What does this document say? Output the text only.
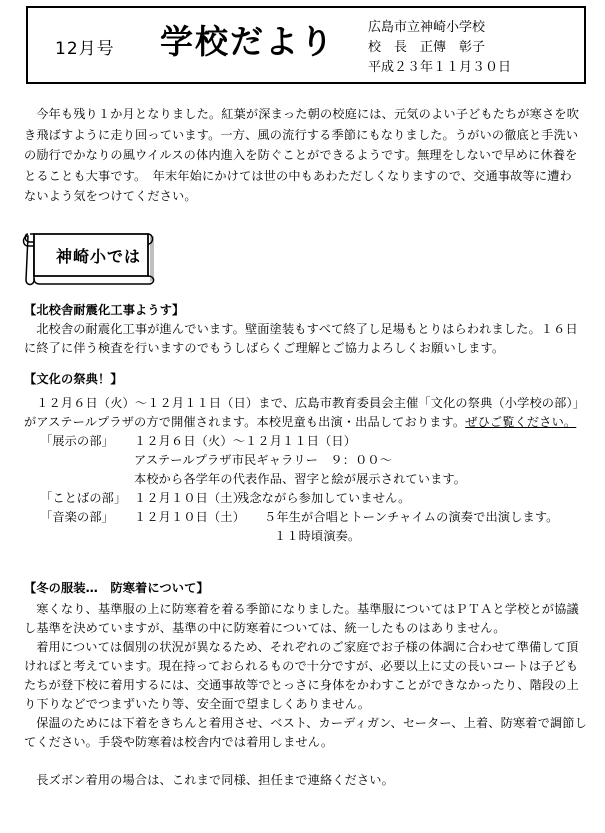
12月号 学校だより	広島市立神崎小学校
校　長　正傳　彰子
平成２３年１１月３０日
今年も残り１か月となりました。紅葉が深まった朝の校庭には、元気のよい子どもたちが寒さを吹き飛ばすように走り回っています。一方、風の流行する季節にもなりました。うがいの徹底と手洗いの励行でかなりの風ウイルスの体内進入を防ぐことができるようです。無理をしないで早めに休養をとることも大事です。　年末年始にかけては世の中もあわただしくなりますので、交通事故等に遭わないよう気をつけてください。
神崎小では
【北校舎耐震化工事ようす】
北校舎の耐震化工事が進んでいます。壁面塗装もすべて終了し足場もとりはらわれました。１６日に終了に伴う検査を行いますのでもうしばらくご理解とご協力よろしくお願いします。
【文化の祭典！】
１２月６日（火）～１２月１１日（日）まで、広島市教育委員会主催「文化の祭典（小学校の部）」がアステールプラザの方で開催されます。本校児童も出演・出品しております。ぜひご覧ください。
「展示の部」 １２月６日（火）～１２月１１日（日）
アステールプラザ市民ギャラリー　９：００～
本校から各学年の代表作品、習字と絵が展示されています。
「ことばの部」 １２月１０日（土）
残念ながら参加していません。
「音楽の部」 １２月１０日（土） ５年生が合唱とトーンチャイムの演奏で出演します。
１１時頃演奏。
【冬の服装…　防寒着について】
寒くなり、基準服の上に防寒着を着る季節になりました。基準服についてはＰＴＡと学校とが協議し基準を決めていますが、基準の中に防寒着については、統一したものはありません。
着用については個別の状況が異なるため、それぞれのご家庭でお子様の体調に合わせて準備して頂ければと考えています。現在持っておられるもので十分ですが、必要以上に丈の長いコートは子どもたちが登下校に着用するには、交通事故等でとっさに身体をかわすことができなかったり、階段の上り下りなどでつまずいたり等、安全面で望ましくありません。
保温のためには下着をきちんと着用させ、ベスト、カーディガン、セーター、上着、防寒着で調節してください。手袋や防寒着は校舎内では着用しません。
長ズボン着用の場合は、これまで同様、担任まで連絡ください。
